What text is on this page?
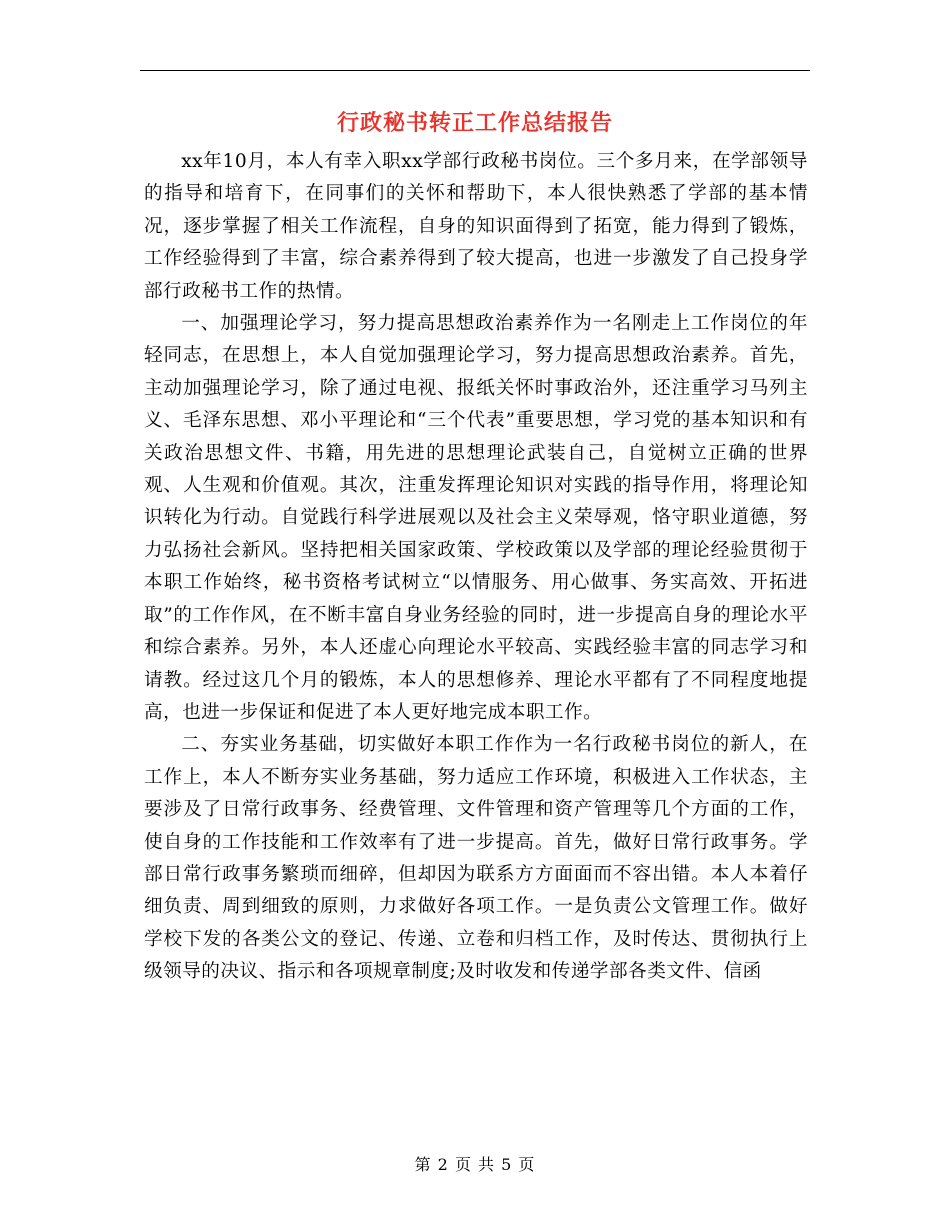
行政秘书转正工作总结报告

xx年10月，本人有幸入职xx学部行政秘书岗位。三个多月来，在学部领导的指导和培育下，在同事们的关怀和帮助下，本人很快熟悉了学部的基本情况，逐步掌握了相关工作流程，自身的知识面得到了拓宽，能力得到了锻炼，工作经验得到了丰富，综合素养得到了较大提高，也进一步激发了自己投身学部行政秘书工作的热情。

一、加强理论学习，努力提高思想政治素养作为一名刚走上工作岗位的年轻同志，在思想上，本人自觉加强理论学习，努力提高思想政治素养。首先，主动加强理论学习，除了通过电视、报纸关怀时事政治外，还注重学习马列主义、毛泽东思想、邓小平理论和“三个代表”重要思想，学习党的基本知识和有关政治思想文件、书籍，用先进的思想理论武装自己，自觉树立正确的世界观、人生观和价值观。其次，注重发挥理论知识对实践的指导作用，将理论知识转化为行动。自觉践行科学进展观以及社会主义荣辱观，恪守职业道德，努力弘扬社会新风。坚持把相关国家政策、学校政策以及学部的理论经验贯彻于本职工作始终，秘书资格考试树立“以情服务、用心做事、务实高效、开拓进取”的工作作风，在不断丰富自身业务经验的同时，进一步提高自身的理论水平和综合素养。另外，本人还虚心向理论水平较高、实践经验丰富的同志学习和请教。经过这几个月的锻炼，本人的思想修养、理论水平都有了不同程度地提高，也进一步保证和促进了本人更好地完成本职工作。

二、夯实业务基础，切实做好本职工作作为一名行政秘书岗位的新人，在工作上，本人不断夯实业务基础，努力适应工作环境，积极进入工作状态，主要涉及了日常行政事务、经费管理、文件管理和资产管理等几个方面的工作，使自身的工作技能和工作效率有了进一步提高。首先，做好日常行政事务。学部日常行政事务繁琐而细碎，但却因为联系方方面面而不容出错。本人本着仔细负责、周到细致的原则，力求做好各项工作。一是负责公文管理工作。做好学校下发的各类公文的登记、传递、立卷和归档工作，及时传达、贯彻执行上级领导的决议、指示和各项规章制度;及时收发和传递学部各类文件、信函

第 2 页 共 5 页
